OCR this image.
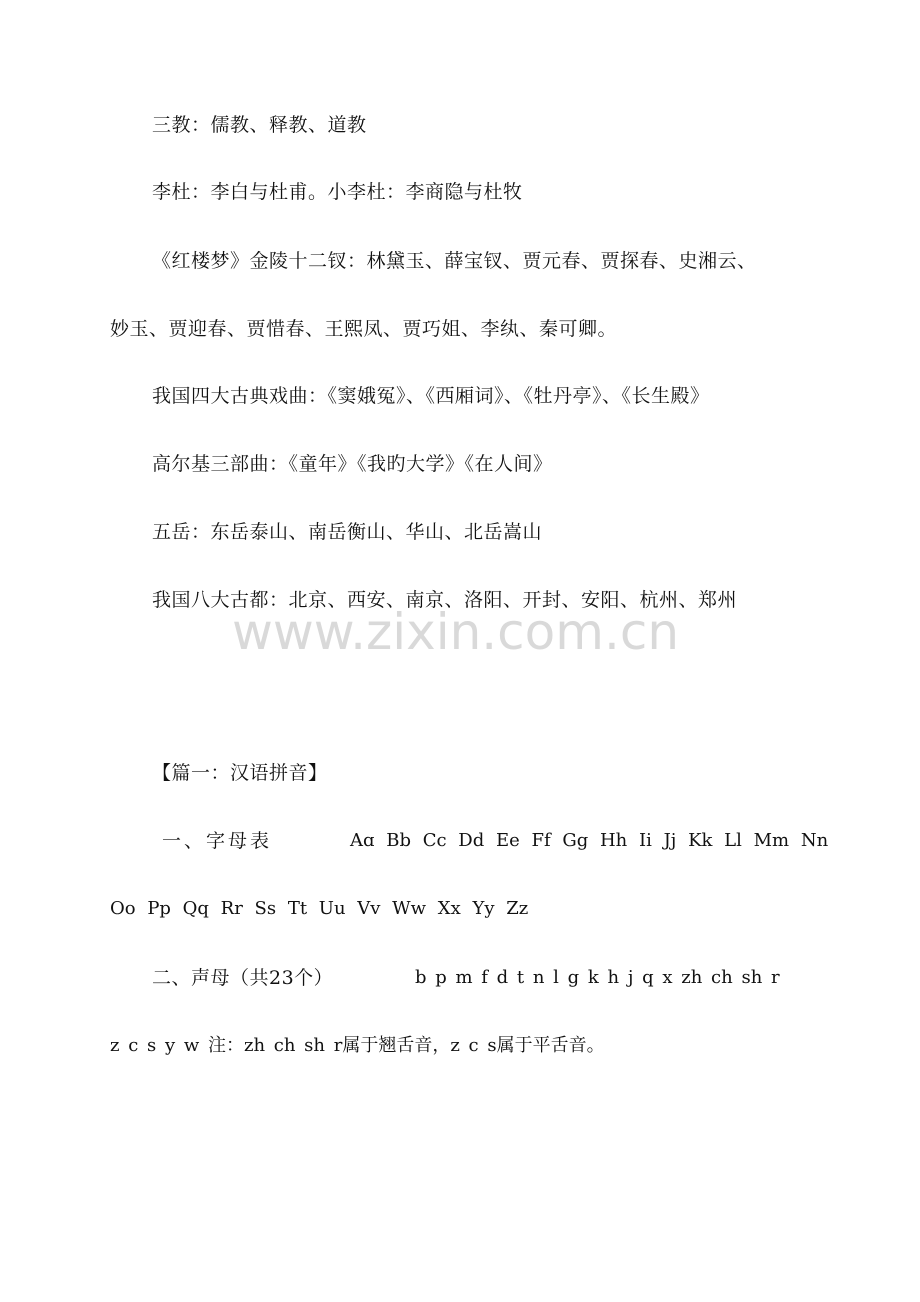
三教：儒教、释教、道教
李杜：李白与杜甫。小李杜：李商隐与杜牧
《红楼梦》金陵十二钗：林黛玉、薛宝钗、贾元春、贾探春、史湘云、
妙玉、贾迎春、贾惜春、王熙凤、贾巧姐、李纨、秦可卿。
我国四大古典戏曲：《窦娥冤》、《西厢词》、《牡丹亭》、《长生殿》
高尔基三部曲：《童年》《我旳大学》《在人间》
五岳：东岳泰山、南岳衡山、华山、北岳嵩山
我国八大古都：北京、西安、南京、洛阳、开封、安阳、杭州、郑州
www.zixin.com.cn
【篇一：汉语拼音】
一、字母表	Aɑ Bb Cc Dd Ee Ff Gg Hh Ii Jj Kk Ll Mm Nn
Oo Pp Qq Rr Ss Tt Uu Vv Ww Xx Yy Zz
二、声母（共23个）	b p m f d t n l g k h j q x zh ch sh r
z c s y w 注：zh ch sh r属于翘舌音，z c s属于平舌音。
